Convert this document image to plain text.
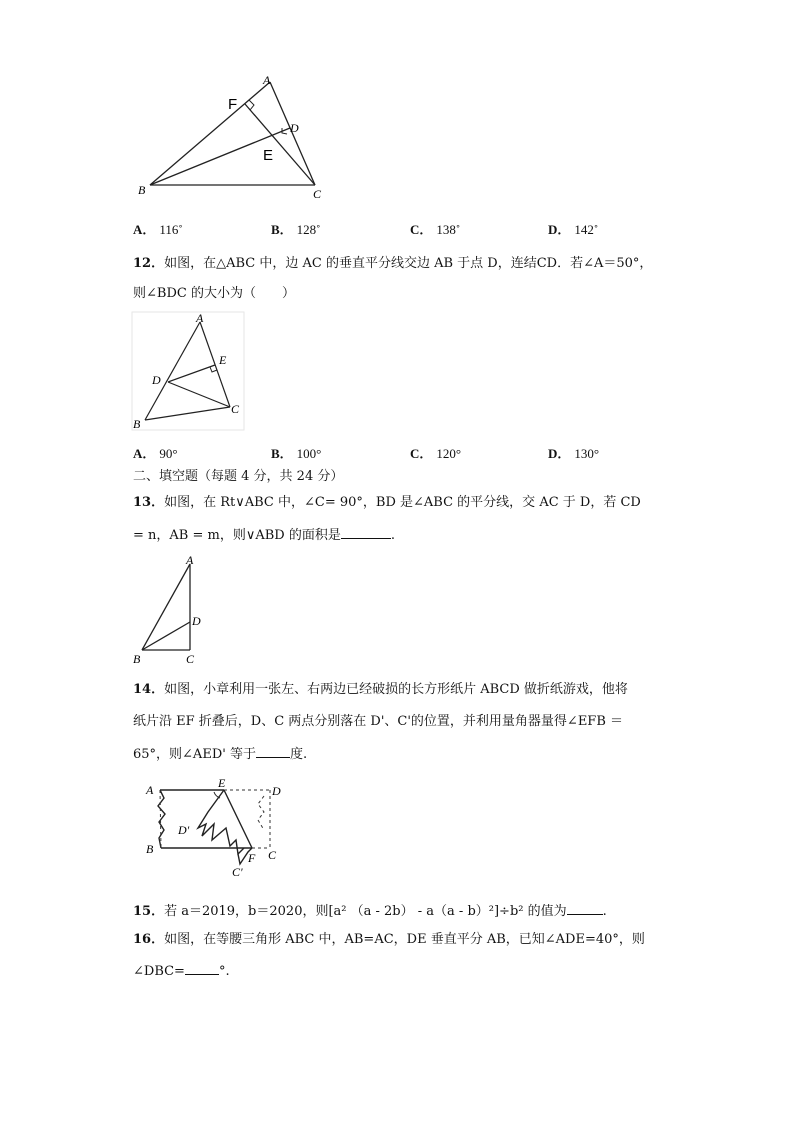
A
F
D
E
B	C
A． 116˚	B． 128˚	C． 138˚	D． 142˚
12．如图，在△ABC 中，边 AC 的垂直平分线交边 AB 于点 D，连结CD．若∠A＝50°，
则∠BDC 的大小为（　　）
A
E
D
B
C
A． 90°	B． 100°	C． 120°	D． 130°
二、填空题（每题 4 分，共 24 分）
13．如图，在 Rt∨ABC 中，∠C= 90°，BD 是∠ABC 的平分线，交 AC 于 D，若 CD
= n，AB = m，则∨ABD 的面积是	.
A
D
B	C
14．如图，小章利用一张左、右两边已经破损的长方形纸片 ABCD 做折纸游戏，他将
纸片沿 EF 折叠后，D、C 两点分别落在 D'、C'的位置，并利用量角器量得∠EFB ＝
65°，则∠AED' 等于	度.
A	E
D
D'
B
F C
C'
15．若 a＝2019，b＝2020，则[a² （a - 2b） - a（a - b）²]÷b² 的值为	.
16．如图，在等腰三角形 ABC 中，AB=AC，DE 垂直平分 AB，已知∠ADE=40°，则
∠DBC=	°.
